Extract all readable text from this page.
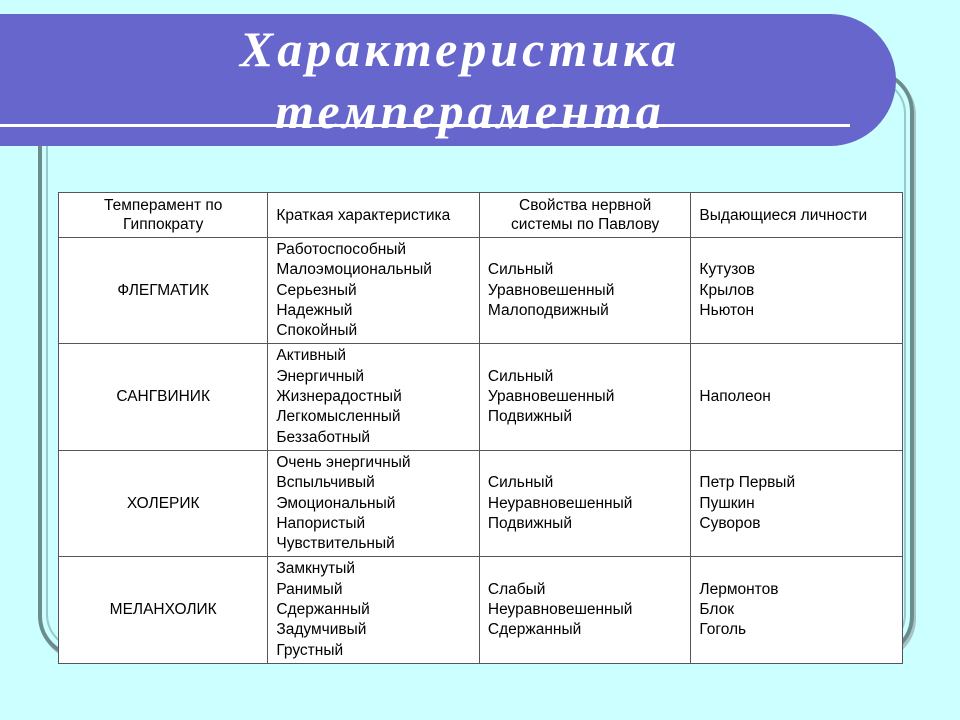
Характеристика
темперамента
Темперамент по Гиппократу	Краткая характеристика	Свойства нервной системы по Павлову	Выдающиеся личности
ФЛЕГМАТИК	Работоспособный
Малоэмоциональный
Серьезный
Надежный
Спокойный	Сильный
Уравновешенный
Малоподвижный	Кутузов
Крылов
Ньютон

САНГВИНИК	Активный
Энергичный
Жизнерадостный
Легкомысленный
Беззаботный	Сильный
Уравновешенный
Подвижный	Наполеон

ХОЛЕРИК	Очень энергичный
Вспыльчивый
Эмоциональный
Напористый
Чувствительный	Сильный
Неуравновешенный
Подвижный	Петр Первый
Пушкин
Суворов

МЕЛАНХОЛИК	Замкнутый
Ранимый
Сдержанный
Задумчивый
Грустный	Слабый
Неуравновешенный
Сдержанный	Лермонтов
Блок
Гоголь
